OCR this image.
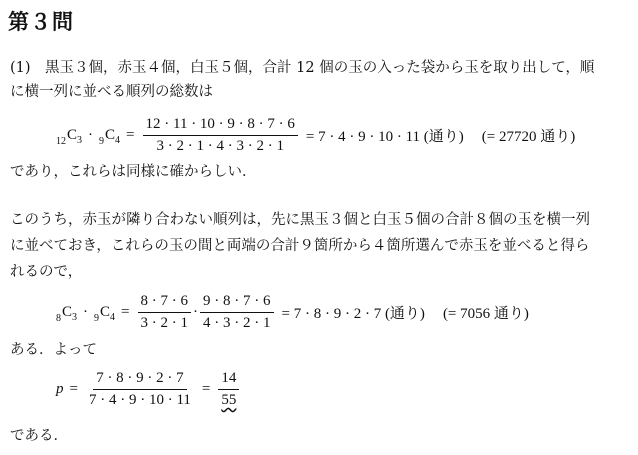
第３問
(1)　黒玉３個，赤玉４個，白玉５個，合計 12 個の玉の入った袋から玉を取り出して，順
に横一列に並べる順列の総数は
$_{12}C_3 \cdot _9C_4 = \frac{12 \cdot 11 \cdot 10 \cdot 9 \cdot 8 \cdot 7 \cdot 6}{3 \cdot 2 \cdot 1 \cdot 4 \cdot 3 \cdot 2 \cdot 1} = 7 \cdot 4 \cdot 9 \cdot 10 \cdot 11$ (通り) (= 27720 通り)
であり，これらは同様に確からしい．
このうち，赤玉が隣り合わない順列は，先に黒玉３個と白玉５個の合計８個の玉を横一列
に並べておき，これらの玉の間と両端の合計９箇所から４箇所選んで赤玉を並べると得ら
れるので，
$_8C_3 \cdot _9C_4 = \frac{8 \cdot 7 \cdot 6}{3 \cdot 2 \cdot 1} \cdot \frac{9 \cdot 8 \cdot 7 \cdot 6}{4 \cdot 3 \cdot 2 \cdot 1} = 7 \cdot 8 \cdot 9 \cdot 2 \cdot 7$ (通り) (= 7056 通り)
ある．よって
$p = \frac{7 \cdot 8 \cdot 9 \cdot 2 \cdot 7}{7 \cdot 4 \cdot 9 \cdot 10 \cdot 11} = \frac{14}{55}$
である．
